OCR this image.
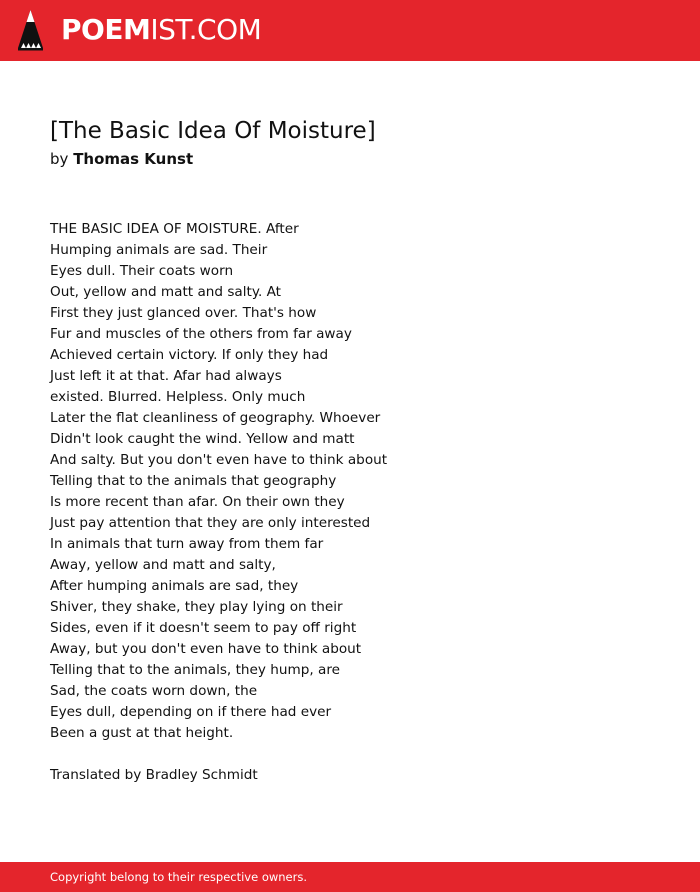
POEMIST.COM
[The Basic Idea Of Moisture]
by Thomas Kunst
THE BASIC IDEA OF MOISTURE. After
Humping animals are sad. Their
Eyes dull. Their coats worn
Out, yellow and matt and salty. At
First they just glanced over. That's how
Fur and muscles of the others from far away
Achieved certain victory. If only they had
Just left it at that. Afar had always
existed. Blurred. Helpless. Only much
Later the flat cleanliness of geography. Whoever
Didn't look caught the wind. Yellow and matt
And salty. But you don't even have to think about
Telling that to the animals that geography
Is more recent than afar. On their own they
Just pay attention that they are only interested
In animals that turn away from them far
Away, yellow and matt and salty,
After humping animals are sad, they
Shiver, they shake, they play lying on their
Sides, even if it doesn't seem to pay off right
Away, but you don't even have to think about
Telling that to the animals, they hump, are
Sad, the coats worn down, the
Eyes dull, depending on if there had ever
Been a gust at that height.
Translated by Bradley Schmidt
Copyright belong to their respective owners.
